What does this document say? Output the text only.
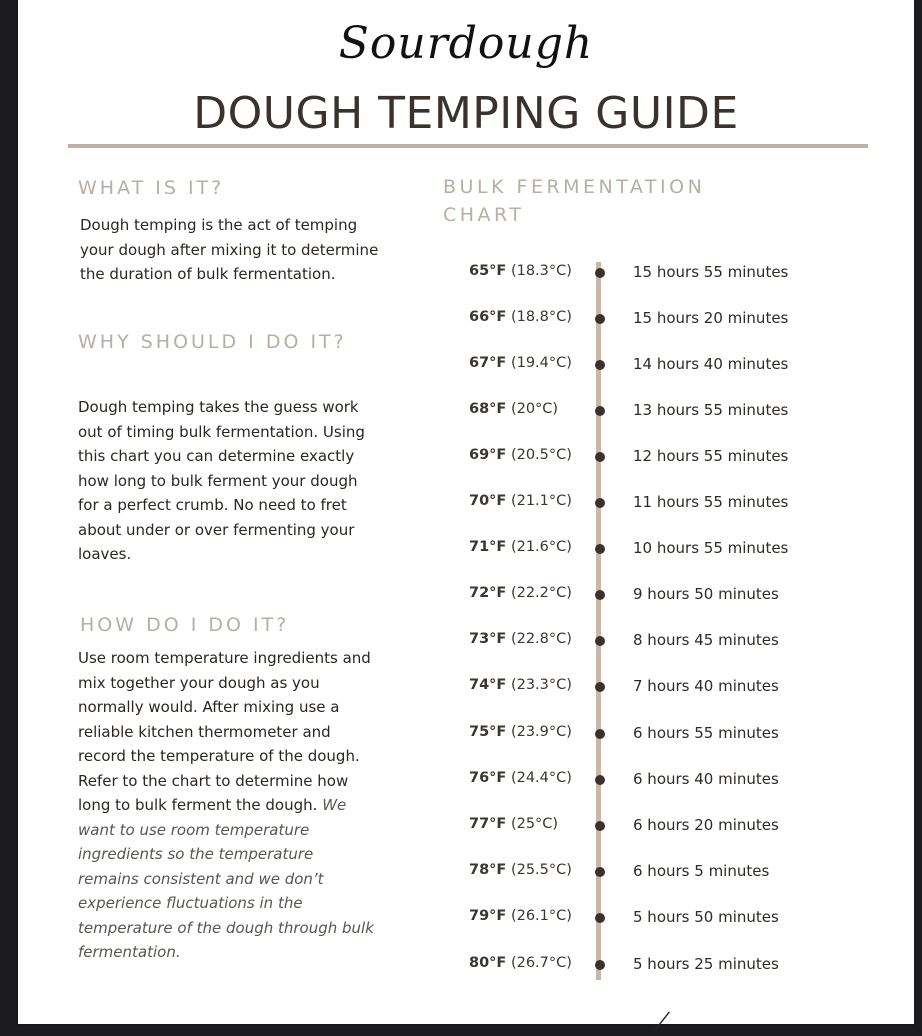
Sourdough
DOUGH TEMPING GUIDE
WHAT IS IT?

Dough temping is the act of temping your dough after mixing it to determine the duration of bulk fermentation.

WHY SHOULD I DO IT?

Dough temping takes the guess work out of timing bulk fermentation. Using this chart you can determine exactly how long to bulk ferment your dough for a perfect crumb. No need to fret about under or over fermenting your loaves.

HOW DO I DO IT?

Use room temperature ingredients and mix together your dough as you normally would. After mixing use a reliable kitchen thermometer and record the temperature of the dough. Refer to the chart to determine how long to bulk ferment the dough. We want to use room temperature ingredients so the temperature remains consistent and we don’t experience fluctuations in the temperature of the dough through bulk fermentation.

BULK FERMENTATION CHART
65°F (18.3°C)	15 hours 55 minutes
66°F (18.8°C)	15 hours 20 minutes
67°F (19.4°C)	14 hours 40 minutes
68°F (20°C)	13 hours 55 minutes
69°F (20.5°C)	12 hours 55 minutes
70°F (21.1°C)	11 hours 55 minutes
71°F (21.6°C)	10 hours 55 minutes
72°F (22.2°C)	9 hours 50 minutes
73°F (22.8°C)	8 hours 45 minutes
74°F (23.3°C)	7 hours 40 minutes
75°F (23.9°C)	6 hours 55 minutes
76°F (24.4°C)	6 hours 40 minutes
77°F (25°C)	6 hours 20 minutes
78°F (25.5°C)	6 hours 5 minutes
79°F (26.1°C)	5 hours 50 minutes
80°F (26.7°C)	5 hours 25 minutes
⁄
